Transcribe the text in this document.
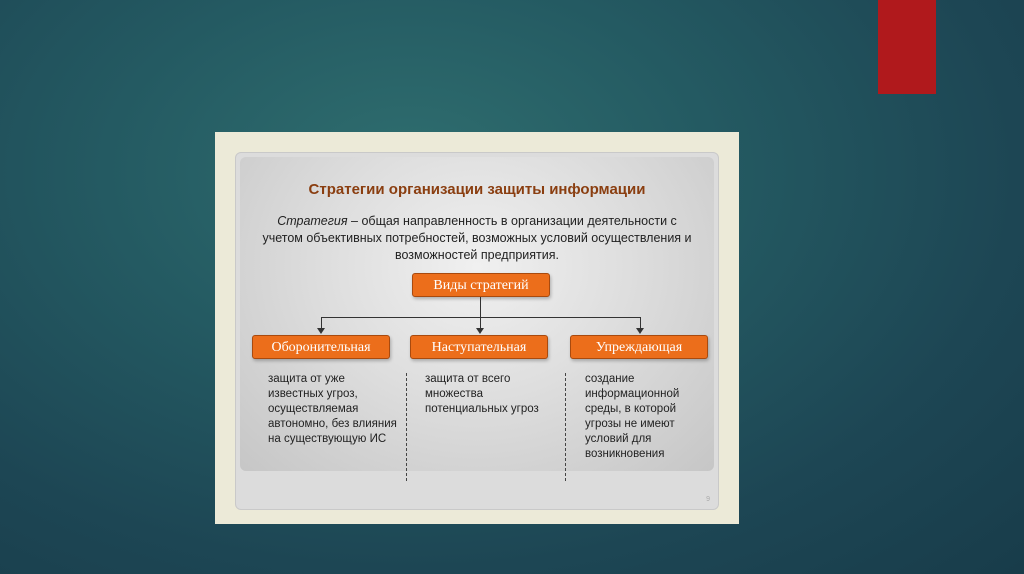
Стратегии организации защиты информации
Стратегия – общая направленность в организации деятельности с учетом объективных потребностей, возможных условий осуществления и возможностей предприятия.
Виды стратегий
Оборонительная	Наступательная	Упреждающая
защита от уже известных угроз, осуществляемая автономно, без влияния на существующую ИС
защита от всего множества потенциальных угроз
создание информационной среды, в которой угрозы не имеют условий для возникновения
9
